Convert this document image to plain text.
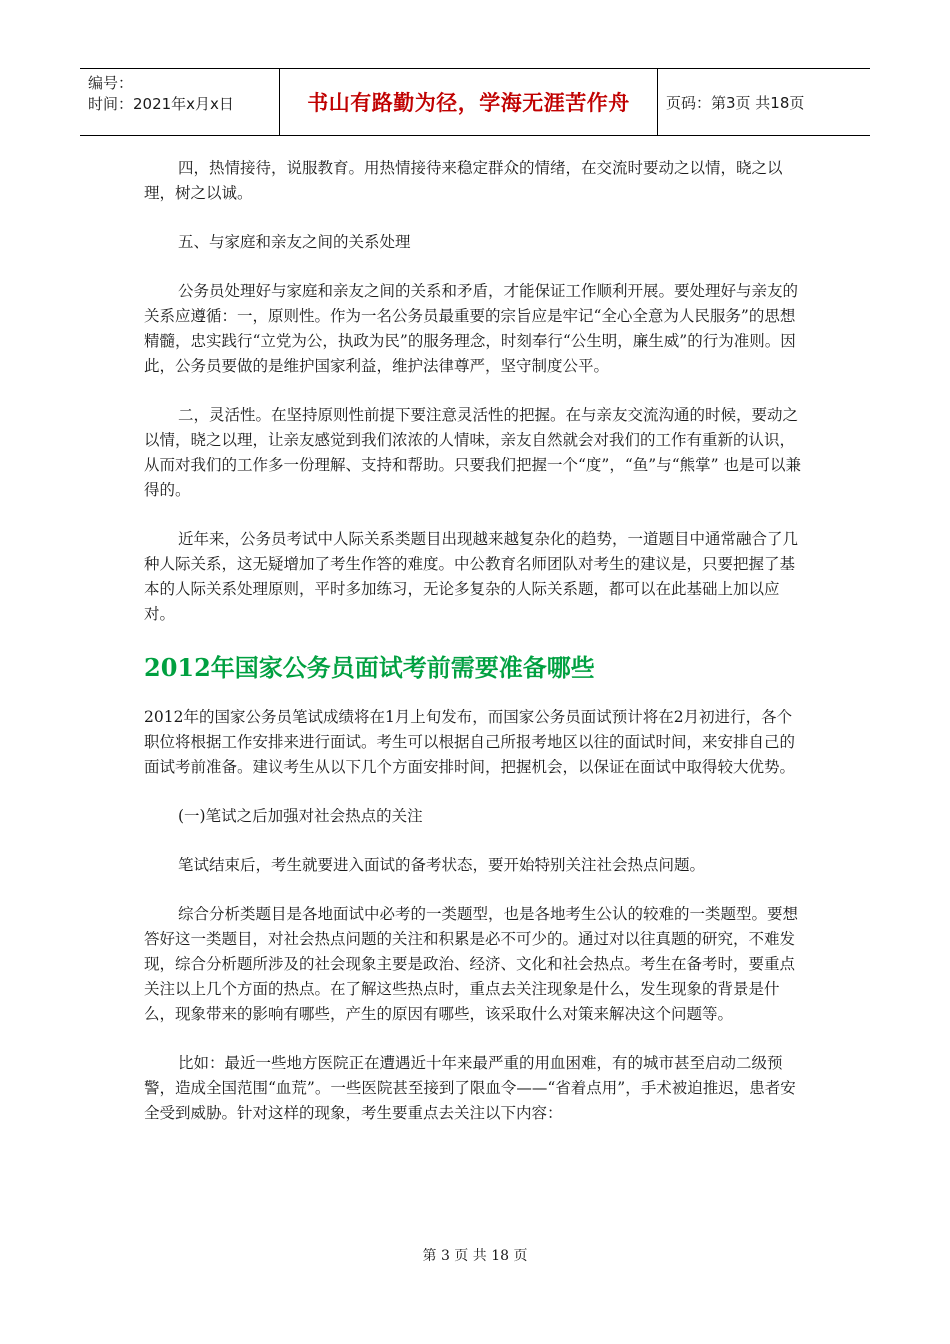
编号：
时间：2021年x月x日	书山有路勤为径，学海无涯苦作舟	页码：第3页 共18页

四，热情接待，说服教育。用热情接待来稳定群众的情绪，在交流时要动之以情，晓之以理，树之以诚。

五、与家庭和亲友之间的关系处理

公务员处理好与家庭和亲友之间的关系和矛盾，才能保证工作顺利开展。要处理好与亲友的关系应遵循：一，原则性。作为一名公务员最重要的宗旨应是牢记“全心全意为人民服务”的思想精髓，忠实践行“立党为公，执政为民”的服务理念，时刻奉行“公生明，廉生威”的行为准则。因此，公务员要做的是维护国家利益，维护法律尊严，坚守制度公平。

二，灵活性。在坚持原则性前提下要注意灵活性的把握。在与亲友交流沟通的时候，要动之以情，晓之以理，让亲友感觉到我们浓浓的人情味，亲友自然就会对我们的工作有重新的认识，从而对我们的工作多一份理解、支持和帮助。只要我们把握一个“度”，“鱼”与“熊掌” 也是可以兼得的。

近年来，公务员考试中人际关系类题目出现越来越复杂化的趋势，一道题目中通常融合了几种人际关系，这无疑增加了考生作答的难度。中公教育名师团队对考生的建议是，只要把握了基本的人际关系处理原则，平时多加练习，无论多复杂的人际关系题，都可以在此基础上加以应对。

2012年国家公务员面试考前需要准备哪些

2012年的国家公务员笔试成绩将在1月上旬发布，而国家公务员面试预计将在2月初进行，各个职位将根据工作安排来进行面试。考生可以根据自己所报考地区以往的面试时间，来安排自己的面试考前准备。建议考生从以下几个方面安排时间，把握机会，以保证在面试中取得较大优势。

(一)笔试之后加强对社会热点的关注

笔试结束后，考生就要进入面试的备考状态，要开始特别关注社会热点问题。

综合分析类题目是各地面试中必考的一类题型，也是各地考生公认的较难的一类题型。要想答好这一类题目，对社会热点问题的关注和积累是必不可少的。通过对以往真题的研究，不难发现，综合分析题所涉及的社会现象主要是政治、经济、文化和社会热点。考生在备考时，要重点关注以上几个方面的热点。在了解这些热点时，重点去关注现象是什么，发生现象的背景是什么，现象带来的影响有哪些，产生的原因有哪些，该采取什么对策来解决这个问题等。

比如：最近一些地方医院正在遭遇近十年来最严重的用血困难，有的城市甚至启动二级预警，造成全国范围“血荒”。一些医院甚至接到了限血令——“省着点用”，手术被迫推迟，患者安全受到威胁。针对这样的现象，考生要重点去关注以下内容：

第 3 页 共 18 页
